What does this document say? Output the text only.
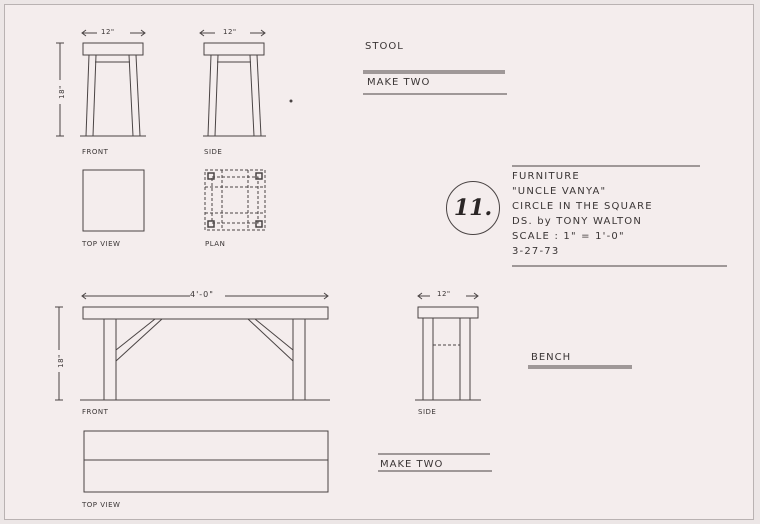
12"	12"
18"
FRONT	SIDE
TOP VIEW	PLAN
STOOL
MAKE TWO
11.
FURNITURE
"UNCLE VANYA"
CIRCLE IN THE SQUARE
DS. by TONY WALTON
SCALE : 1" = 1'-0"
3-27-73
4'-0"	12"
18"
FRONT	SIDE
TOP VIEW
BENCH
MAKE TWO
